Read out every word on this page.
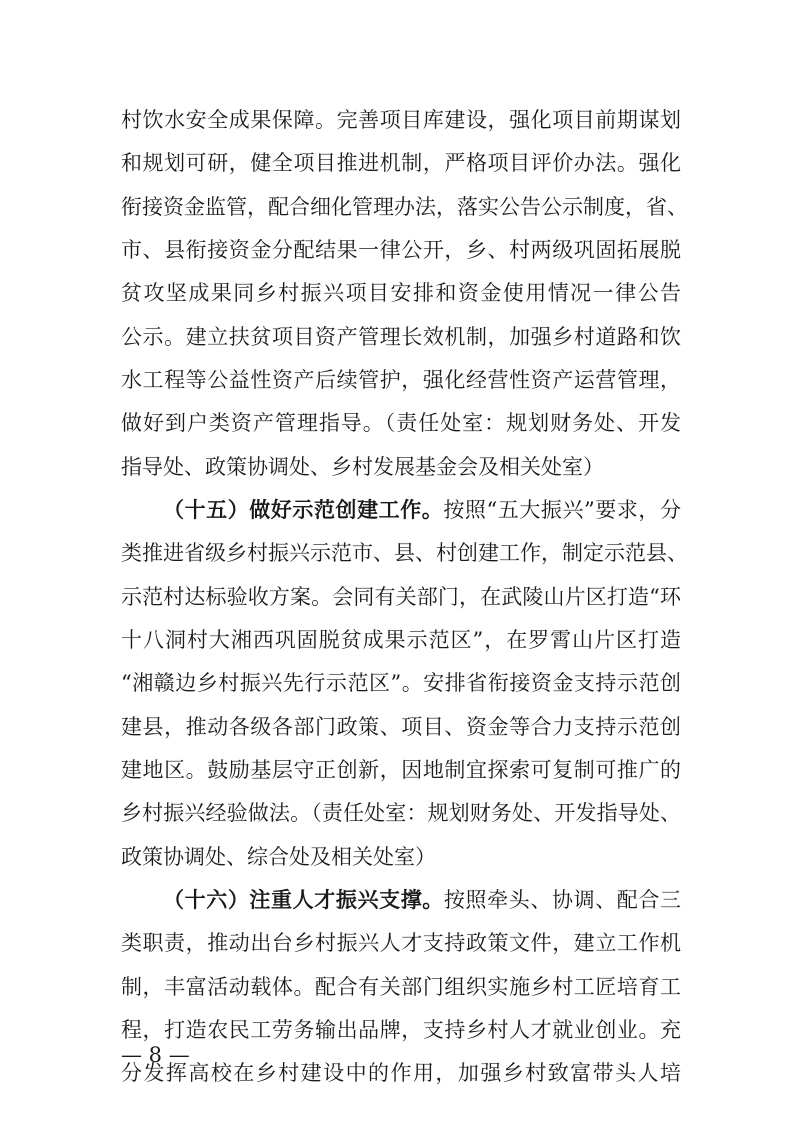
村饮水安全成果保障。完善项目库建设，强化项目前期谋划
和规划可研，健全项目推进机制，严格项目评价办法。强化
衔接资金监管，配合细化管理办法，落实公告公示制度，省、
市、县衔接资金分配结果一律公开，乡、村两级巩固拓展脱
贫攻坚成果同乡村振兴项目安排和资金使用情况一律公告
公示。建立扶贫项目资产管理长效机制，加强乡村道路和饮
水工程等公益性资产后续管护，强化经营性资产运营管理，
做好到户类资产管理指导。（责任处室：规划财务处、开发
指导处、政策协调处、乡村发展基金会及相关处室）
（十五）做好示范创建工作。按照“五大振兴”要求，分
类推进省级乡村振兴示范市、县、村创建工作，制定示范县、
示范村达标验收方案。会同有关部门，在武陵山片区打造“环
十八洞村大湘西巩固脱贫成果示范区”，在罗霄山片区打造
“湘赣边乡村振兴先行示范区”。安排省衔接资金支持示范创
建县，推动各级各部门政策、项目、资金等合力支持示范创
建地区。鼓励基层守正创新，因地制宜探索可复制可推广的
乡村振兴经验做法。（责任处室：规划财务处、开发指导处、
政策协调处、综合处及相关处室）
（十六）注重人才振兴支撑。按照牵头、协调、配合三
类职责，推动出台乡村振兴人才支持政策文件，建立工作机
制，丰富活动载体。配合有关部门组织实施乡村工匠培育工
程，打造农民工劳务输出品牌，支持乡村人才就业创业。充
分发挥高校在乡村建设中的作用，加强乡村致富带头人培
— 8 —
